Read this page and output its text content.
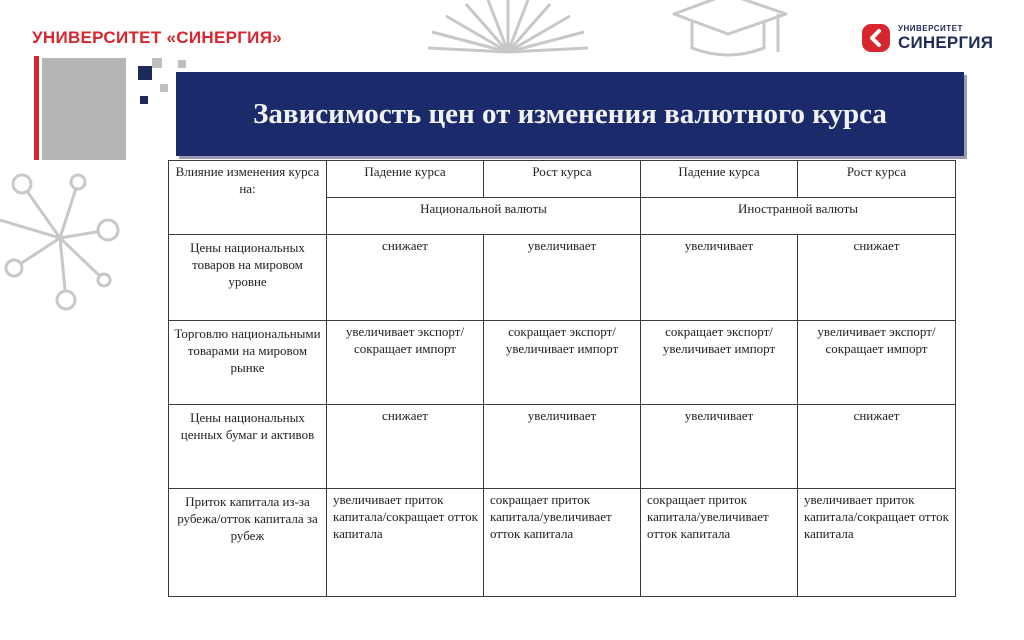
УНИВЕРСИТЕТ «СИНЕРГИЯ»	УНИВЕРСИТЕТ
СИНЕРГИЯ
Зависимость цен от изменения валютного курса
Влияние изменения курса на:	Падение курса	Рост курса	Падение курса	Рост курса
	Национальной валюты		Иностранной валюты	
Цены национальных товаров на мировом уровне	снижает	увеличивает	увеличивает	снижает
Торговлю национальными товарами на мировом рынке	увеличивает экспорт/сокращает импорт	сокращает экспорт/увеличивает импорт	сокращает экспорт/увеличивает импорт	увеличивает экспорт/сокращает импорт
Цены национальных ценных бумаг и активов	снижает	увеличивает	увеличивает	снижает
Приток капитала из-за рубежа/отток капитала за рубеж	увеличивает приток капитала/сокращает отток капитала	сокращает приток капитала/увеличивает отток капитала	сокращает приток капитала/увеличивает отток капитала	увеличивает приток капитала/сокращает отток капитала
